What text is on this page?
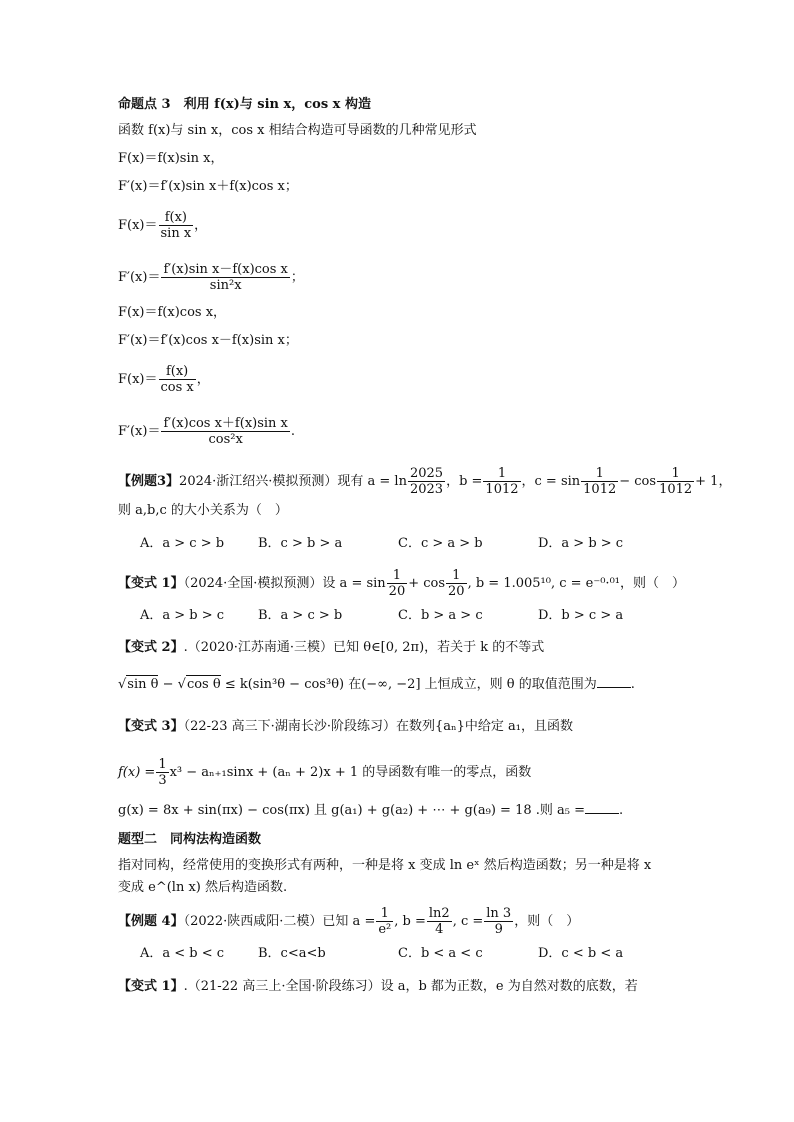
命题点 3　利用 f(x)与 sin x，cos x 构造
函数 f(x)与 sin x，cos x 相结合构造可导函数的几种常见形式
F(x)＝f(x)sin x，
F′(x)＝f′(x)sin x＋f(x)cos x；
$F(x)= \frac{f(x)}{\text{sin x}}$ ，
$F'(x)= \frac{\text{f′(x)sin x－f(x)cos x}}{\text{sin²x}}$ ；
F(x)＝f(x)cos x，
F′(x)＝f′(x)cos x－f(x)sin x；
$F(x)= \frac{f(x)}{\text{cos x}}$ ，
$F'(x)= \frac{\text{f′(x)cos x＋f(x)sin x}}{\text{cos²x}}$ .
【例题3】2024·浙江绍兴·模拟预测）现有 $a = \ln \frac{2025}{2023}$ ，$b = \frac{1}{1012}$ ，$c = \sin \frac{1}{1012} - \cos \frac{1}{1012} + 1$，
则 a,b,c 的大小关系为（　）
A．a > c > b	B．c > b > a	C．c > a > b	D．a > b > c
【变式 1】（2024·全国·模拟预测）设 $a = \sin \frac{1}{20} + \cos \frac{1}{20}$ , b = 1.005¹⁰, c = e⁻⁰·⁰¹，则（　）
A．a > b > c	B．a > c > b	C．b > a > c	D．b > c > a
【变式 2】.（2020·江苏南通·三模）已知 θ∈[0, 2π)，若关于 k 的不等式
√sin θ − √cos θ ≤ k(sin³θ − cos³θ) 在(−∞, −2] 上恒成立，则 θ 的取值范围为	.
【变式 3】（22-23 高三下·湖南长沙·阶段练习）在数列{aₙ}中给定 a₁，且函数
$f(x) = \frac{1}{3} x^3 - a_{n+1}\sin x + (a_n + 2)x + 1$ 的导函数有唯一的零点，函数
g(x) = 8x + sin(πx) − cos(πx) 且 g(a₁) + g(a₂) + ⋯ + g(a₉) = 18 .则 a₅ =	.
题型二　同构法构造函数
指对同构，经常使用的变换形式有两种，一种是将 x 变成 ln eˣ 然后构造函数；另一种是将 x
变成 e^(ln x) 然后构造函数.
【例题 4】（2022·陕西咸阳·二模）已知 $a = \frac{1}{\text{e²}}$ , $b = \frac{\ln 2}{4}$ , $c = \frac{\ln 3}{9}$ ，则（　）
A．a < b < c	B．c<a<b	C．b < a < c	D．c < b < a
【变式 1】.（21-22 高三上·全国·阶段练习）设 a，b 都为正数，e 为自然对数的底数，若
